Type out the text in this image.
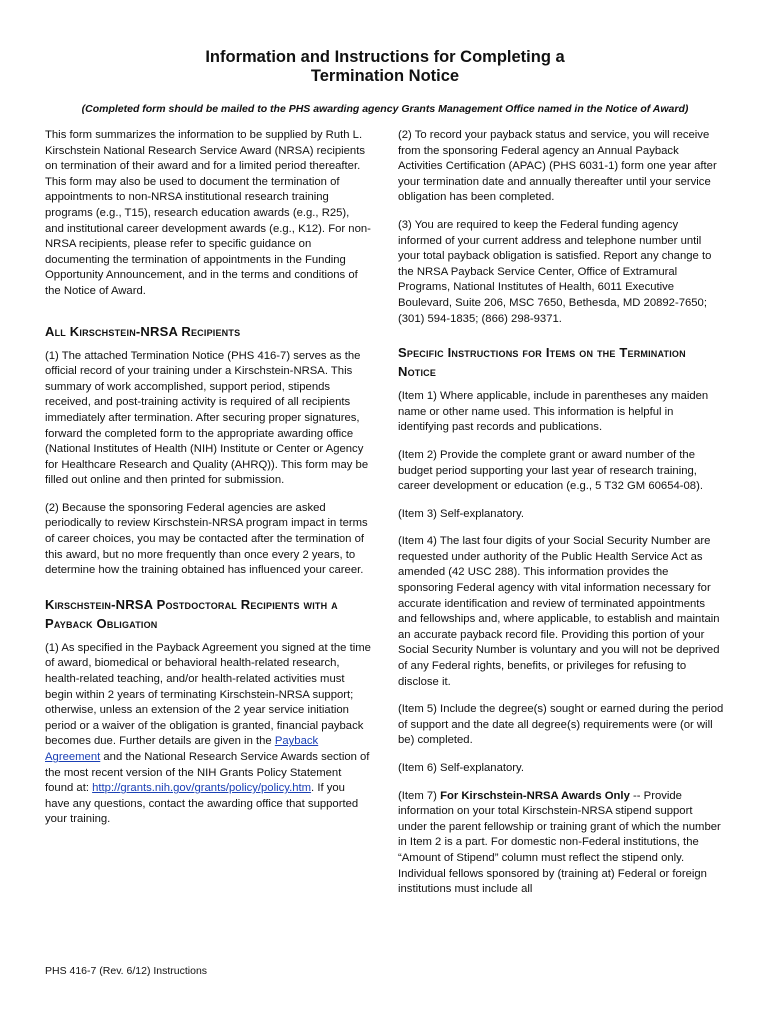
Information and Instructions for Completing a
Termination Notice
(Completed form should be mailed to the PHS awarding agency Grants Management Office named in the Notice of Award)

This form summarizes the information to be supplied by Ruth L. Kirschstein National Research Service Award (NRSA) recipients on termination of their award and for a limited period thereafter. This form may also be used to document the termination of appointments to non-NRSA institutional research training programs (e.g., T15), research education awards (e.g., R25), and institutional career development awards (e.g., K12). For non-NRSA recipients, please refer to specific guidance on documenting the termination of appointments in the Funding Opportunity Announcement, and in the terms and conditions of the Notice of Award.

All Kirschstein-NRSA Recipients

(1) The attached Termination Notice (PHS 416-7) serves as the official record of your training under a Kirschstein-NRSA. This summary of work accomplished, support period, stipends received, and post-training activity is required of all recipients immediately after termination. After securing proper signatures, forward the completed form to the appropriate awarding office (National Institutes of Health (NIH) Institute or Center or Agency for Healthcare Research and Quality (AHRQ)). This form may be filled out online and then printed for submission.

(2) Because the sponsoring Federal agencies are asked periodically to review Kirschstein-NRSA program impact in terms of career choices, you may be contacted after the termination of this award, but no more frequently than once every 2 years, to determine how the training obtained has influenced your career.

Kirschstein-NRSA Postdoctoral Recipients with a Payback Obligation

(1) As specified in the Payback Agreement you signed at the time of award, biomedical or behavioral health-related research, health-related teaching, and/or health-related activities must begin within 2 years of terminating Kirschstein-NRSA support; otherwise, unless an extension of the 2 year service initiation period or a waiver of the obligation is granted, financial payback becomes due. Further details are given in the Payback Agreement and the National Research Service Awards section of the most recent version of the NIH Grants Policy Statement found at: http://grants.nih.gov/grants/policy/policy.htm. If you have any questions, contact the awarding office that supported your training.

(2) To record your payback status and service, you will receive from the sponsoring Federal agency an Annual Payback Activities Certification (APAC) (PHS 6031-1) form one year after your termination date and annually thereafter until your service obligation has been completed.

(3) You are required to keep the Federal funding agency informed of your current address and telephone number until your total payback obligation is satisfied. Report any change to the NRSA Payback Service Center, Office of Extramural Programs, National Institutes of Health, 6011 Executive Boulevard, Suite 206, MSC 7650, Bethesda, MD 20892-7650; (301) 594-1835; (866) 298-9371.

Specific Instructions for Items on the Termination Notice

(Item 1) Where applicable, include in parentheses any maiden name or other name used. This information is helpful in identifying past records and publications.

(Item 2) Provide the complete grant or award number of the budget period supporting your last year of research training, career development or education (e.g., 5 T32 GM 60654-08).

(Item 3) Self-explanatory.

(Item 4) The last four digits of your Social Security Number are requested under authority of the Public Health Service Act as amended (42 USC 288). This information provides the sponsoring Federal agency with vital information necessary for accurate identification and review of terminated appointments and fellowships and, where applicable, to establish and maintain an accurate payback record file. Providing this portion of your Social Security Number is voluntary and you will not be deprived of any Federal rights, benefits, or privileges for refusing to disclose it.

(Item 5) Include the degree(s) sought or earned during the period of support and the date all degree(s) requirements were (or will be) completed.

(Item 6) Self-explanatory.

(Item 7) For Kirschstein-NRSA Awards Only -- Provide information on your total Kirschstein-NRSA stipend support under the parent fellowship or training grant of which the number in Item 2 is a part. For domestic non-Federal institutions, the “Amount of Stipend” column must reflect the stipend only. Individual fellows sponsored by (training at) Federal or foreign institutions must include all

PHS 416-7 (Rev. 6/12) Instructions
